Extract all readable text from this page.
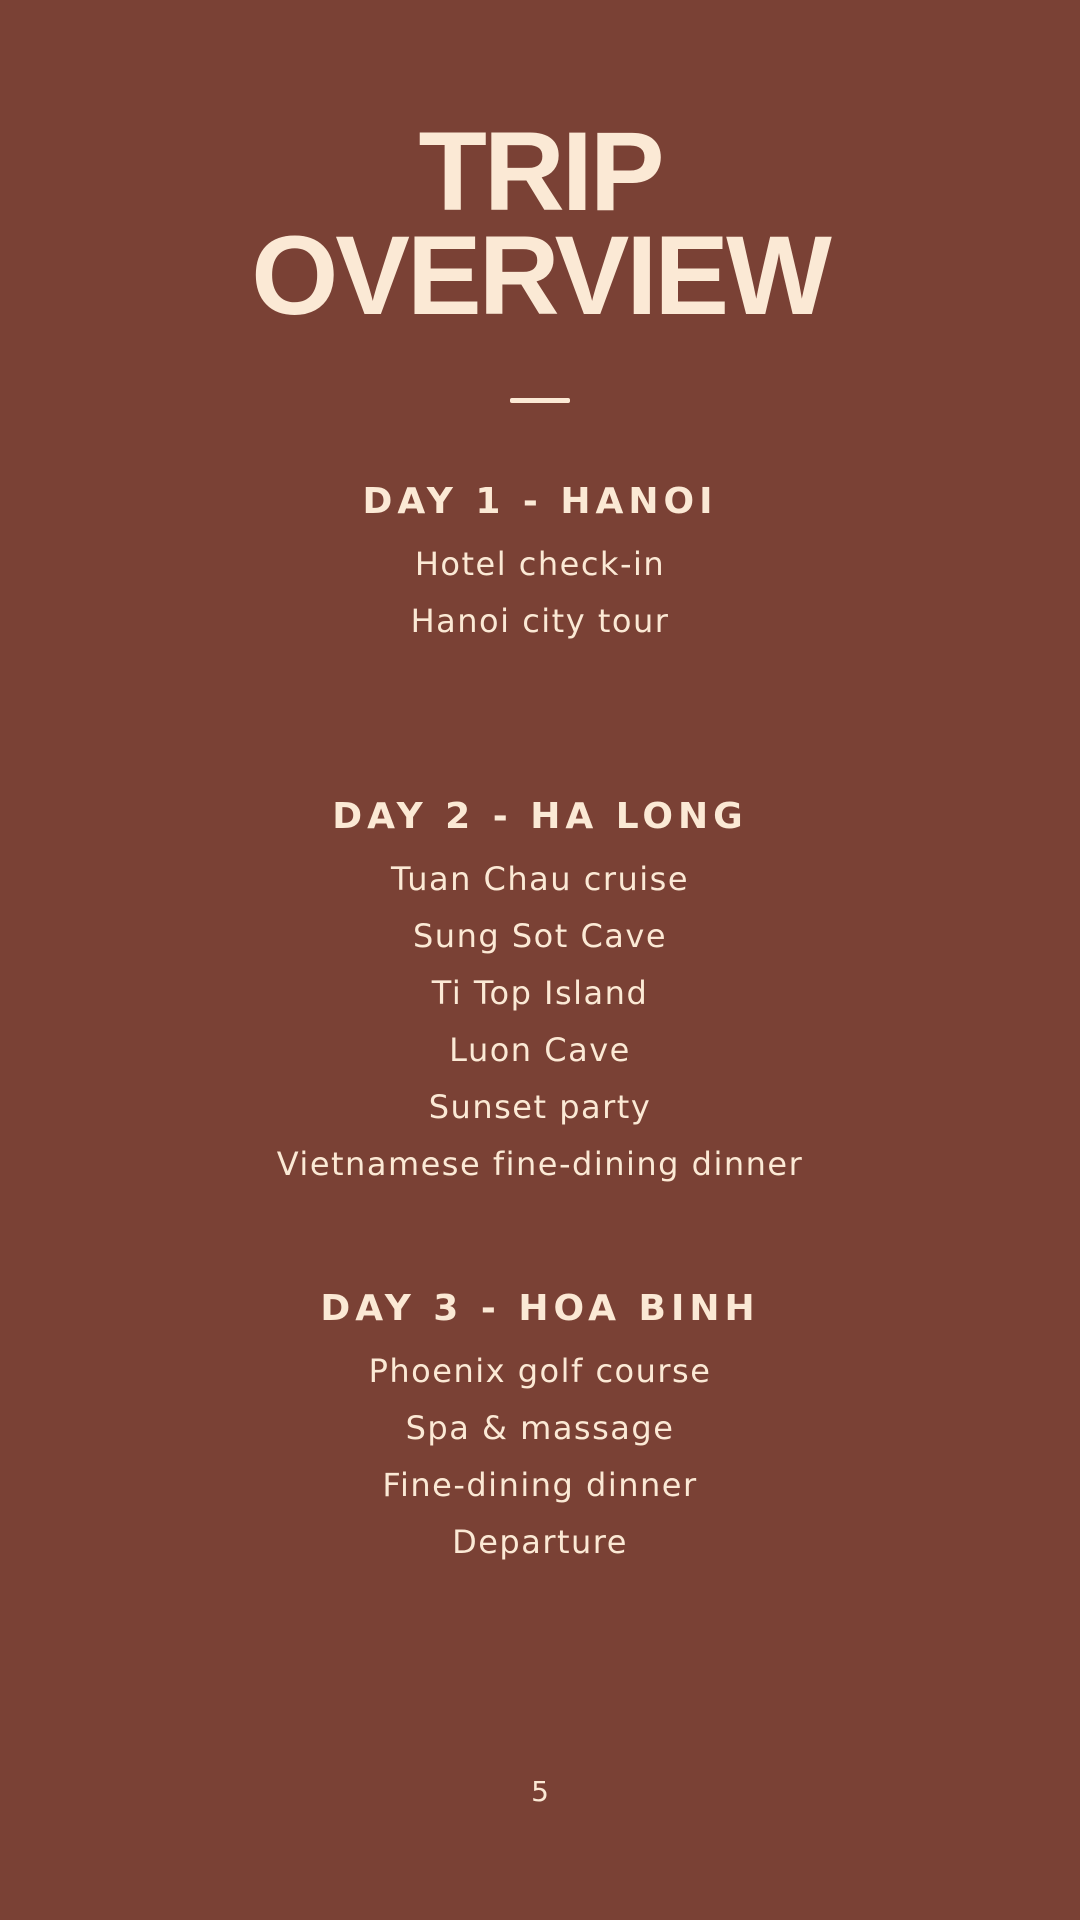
TRIP
OVERVIEW
DAY 1 - HANOI
Hotel check-in
Hanoi city tour
DAY 2 - HA LONG
Tuan Chau cruise
Sung Sot Cave
Ti Top Island
Luon Cave
Sunset party
Vietnamese fine-dining dinner
DAY 3 - HOA BINH
Phoenix golf course
Spa & massage
Fine-dining dinner
Departure
5
